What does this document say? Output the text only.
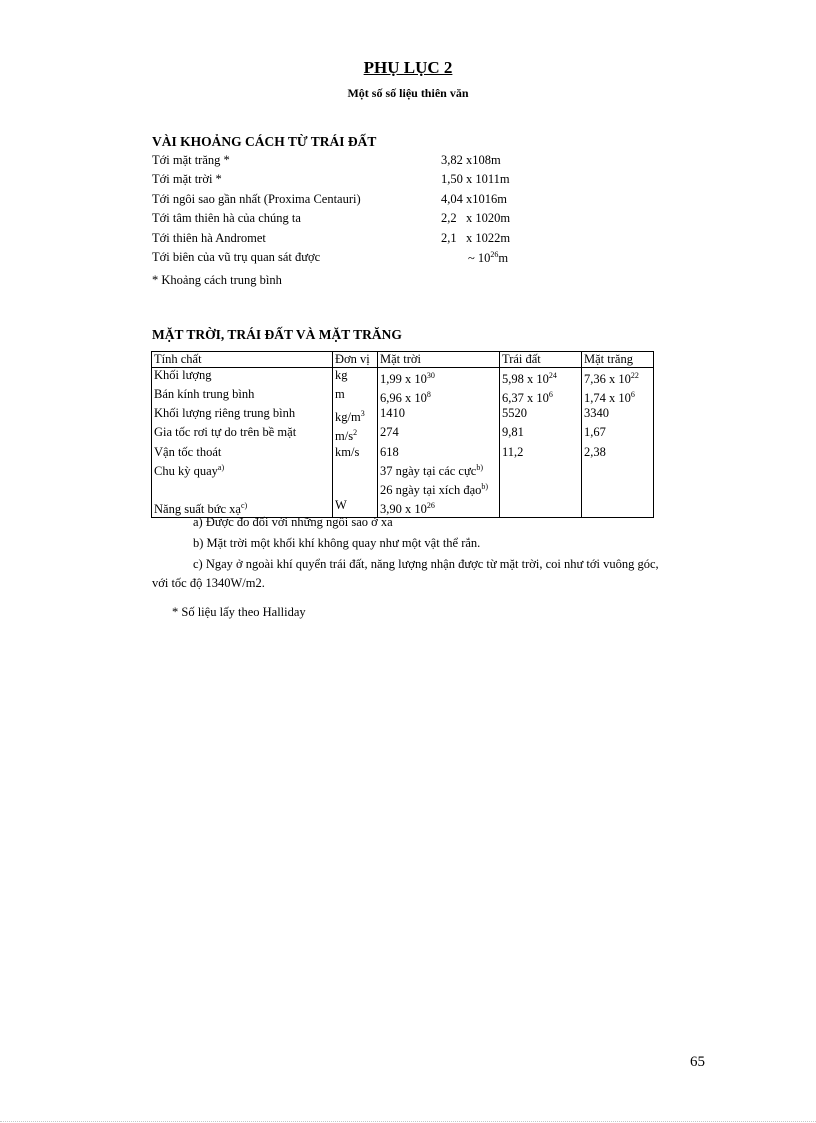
PHỤ LỤC 2
Một số số liệu thiên văn
VÀI KHOẢNG CÁCH TỪ TRÁI ĐẤT
Tới mặt trăng *	3,82 x108m
Tới mặt trời *	1,50 x 1011m
Tới ngôi sao gần nhất (Proxima Centauri)	4,04 x1016m
Tới tâm thiên hà của chúng ta	2,2   x 1020m
Tới thiên hà Andromet	2,1   x 1022m
Tới biên của vũ trụ quan sát được	~ $10^{26}m$
* Khoảng cách trung bình
MẶT TRỜI, TRÁI ĐẤT VÀ MẶT TRĂNG
Tính chất	Đơn vị	Mặt trời	Trái đất	Mặt trăng
Khối lượng	kg	1,99 x $10^{30}$	5,98 x $10^{24}$	7,36 x $10^{22}$
Bán kính trung bình	m	6,96 x $10^8$	6,37 x $10^6$	1,74 x $10^6$
Khối lượng riêng trung bình	$kg/m^3$	1410	5520	3340
Gia tốc rơi tự do trên bề mặt	$m/s^2$	274	9,81	1,67
Vận tốc thoát	km/s	618	11,2	2,38
Chu kỳ quay$^{a)}$		37 ngày tại các cực$^{b)}$		
		26 ngày tại xích đạo$^{b)}$		
Năng suất bức xạ$^{c)}$	W	3,90 x $10^{26}$		
a) Được đo đối với những ngôi sao ở xa
b) Mặt trời một khối khí không quay như một vật thể rắn.
c) Ngay ở ngoài khí quyển trái đất, năng lượng nhận được từ mặt trời, coi như tới vuông góc, với tốc độ 1340W/m2.
* Số liệu lấy theo Halliday
65
